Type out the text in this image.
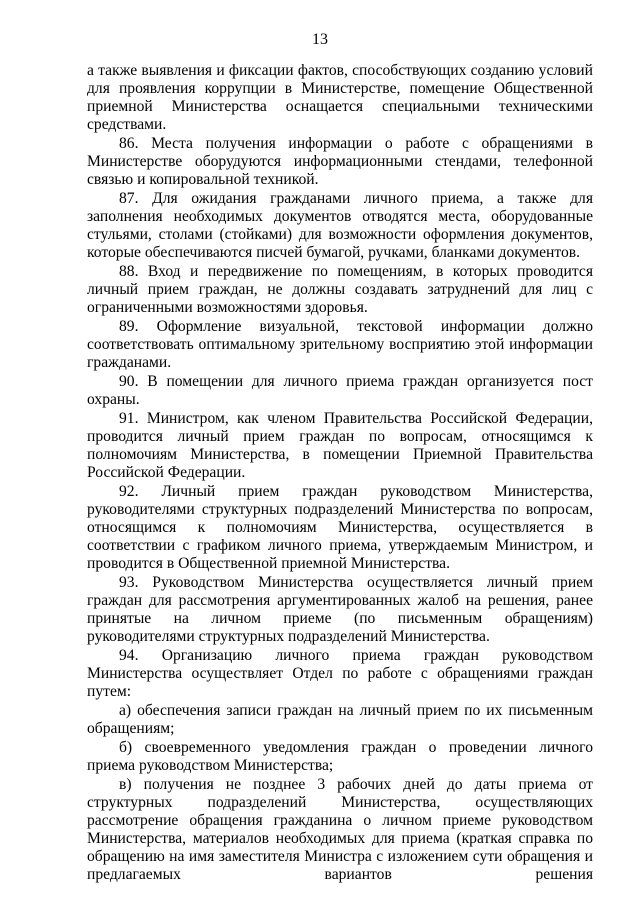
13

а также выявления и фиксации фактов, способствующих созданию условий для проявления коррупции в Министерстве, помещение Общественной приемной Министерства оснащается специальными техническими средствами.

86. Места получения информации о работе с обращениями в Министерстве оборудуются информационными стендами, телефонной связью и копировальной техникой.

87. Для ожидания гражданами личного приема, а также для заполнения необходимых документов отводятся места, оборудованные стульями, столами (стойками) для возможности оформления документов, которые обеспечиваются писчей бумагой, ручками, бланками документов.

88. Вход и передвижение по помещениям, в которых проводится личный прием граждан, не должны создавать затруднений для лиц с ограниченными возможностями здоровья.

89. Оформление визуальной, текстовой информации должно соответствовать оптимальному зрительному восприятию этой информации гражданами.

90. В помещении для личного приема граждан организуется пост охраны.

91. Министром, как членом Правительства Российской Федерации, проводится личный прием граждан по вопросам, относящимся к полномочиям Министерства, в помещении Приемной Правительства Российской Федерации.

92. Личный прием граждан руководством Министерства, руководителями структурных подразделений Министерства по вопросам, относящимся к полномочиям Министерства, осуществляется в соответствии с графиком личного приема, утверждаемым Министром, и проводится в Общественной приемной Министерства.

93. Руководством Министерства осуществляется личный прием граждан для рассмотрения аргументированных жалоб на решения, ранее принятые на личном приеме (по письменным обращениям) руководителями структурных подразделений Министерства.

94. Организацию личного приема граждан руководством Министерства осуществляет Отдел по работе с обращениями граждан путем:

а) обеспечения записи граждан на личный прием по их письменным обращениям;

б) своевременного уведомления граждан о проведении личного приема руководством Министерства;

в) получения не позднее 3 рабочих дней до даты приема от структурных подразделений Министерства, осуществляющих рассмотрение обращения гражданина о личном приеме руководством Министерства, материалов необходимых для приема (краткая справка по обращению на имя заместителя Министра с изложением сути обращения и предлагаемых вариантов решения
